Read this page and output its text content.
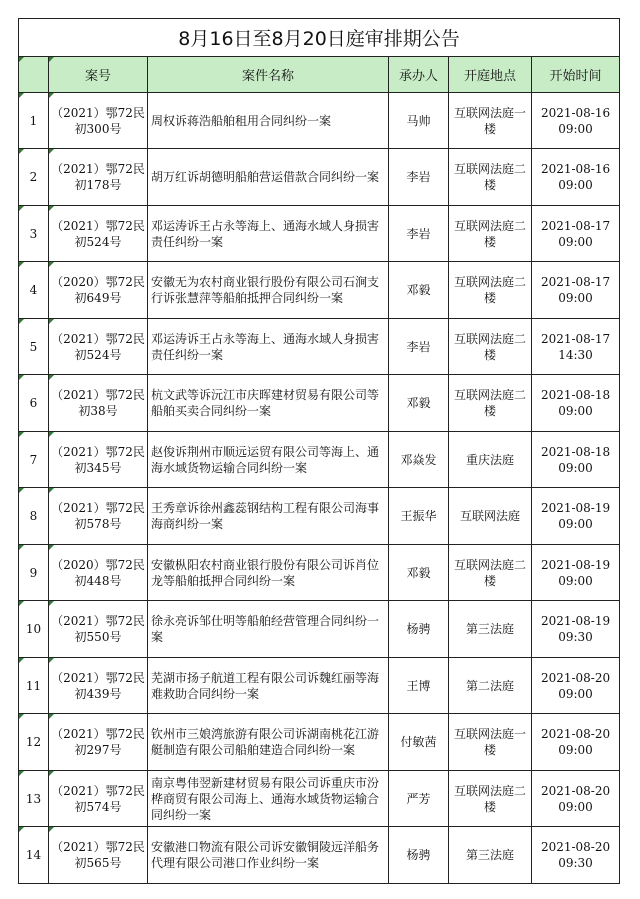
8月16日至8月20日庭审排期公告					
	案号	案件名称	承办人	开庭地点	开始时间
1	（2021）鄂72民初300号	周权诉蒋浩船舶租用合同纠纷一案	马帅	互联网法庭一楼	2021-08-16 09:00
2	（2021）鄂72民初178号	胡万红诉胡德明船舶营运借款合同纠纷一案	李岩	互联网法庭二楼	2021-08-16 09:00
3	（2021）鄂72民初524号	邓运涛诉王占永等海上、通海水域人身损害责任纠纷一案	李岩	互联网法庭二楼	2021-08-17 09:00
4	（2020）鄂72民初649号	安徽无为农村商业银行股份有限公司石涧支行诉张慧萍等船舶抵押合同纠纷一案	邓毅	互联网法庭二楼	2021-08-17 09:00
5	（2021）鄂72民初524号	邓运涛诉王占永等海上、通海水域人身损害责任纠纷一案	李岩	互联网法庭二楼	2021-08-17 14:30
6	（2021）鄂72民初38号	杭文武等诉沅江市庆晖建材贸易有限公司等船舶买卖合同纠纷一案	邓毅	互联网法庭二楼	2021-08-18 09:00
7	（2021）鄂72民初345号	赵俊诉荆州市顺远运贸有限公司等海上、通海水域货物运输合同纠纷一案	邓焱发	重庆法庭	2021-08-18 09:00
8	（2021）鄂72民初578号	王秀章诉徐州鑫蕊钢结构工程有限公司海事海商纠纷一案	王振华	互联网法庭	2021-08-19 09:00
9	（2020）鄂72民初448号	安徽枞阳农村商业银行股份有限公司诉肖位龙等船舶抵押合同纠纷一案	邓毅	互联网法庭二楼	2021-08-19 09:00
10	（2021）鄂72民初550号	徐永亮诉邹仕明等船舶经营管理合同纠纷一案	杨骋	第三法庭	2021-08-19 09:30
11	（2021）鄂72民初439号	芜湖市扬子航道工程有限公司诉魏红丽等海难救助合同纠纷一案	王博	第二法庭	2021-08-20 09:00
12	（2021）鄂72民初297号	钦州市三娘湾旅游有限公司诉湖南桃花江游艇制造有限公司船舶建造合同纠纷一案	付敏茜	互联网法庭一楼	2021-08-20 09:00
13	（2021）鄂72民初574号	南京粤伟翌新建材贸易有限公司诉重庆市汾桦商贸有限公司海上、通海水域货物运输合同纠纷一案	严芳	互联网法庭二楼	2021-08-20 09:00
14	（2021）鄂72民初565号	安徽港口物流有限公司诉安徽铜陵远洋船务代理有限公司港口作业纠纷一案	杨骋	第三法庭	2021-08-20 09:30
